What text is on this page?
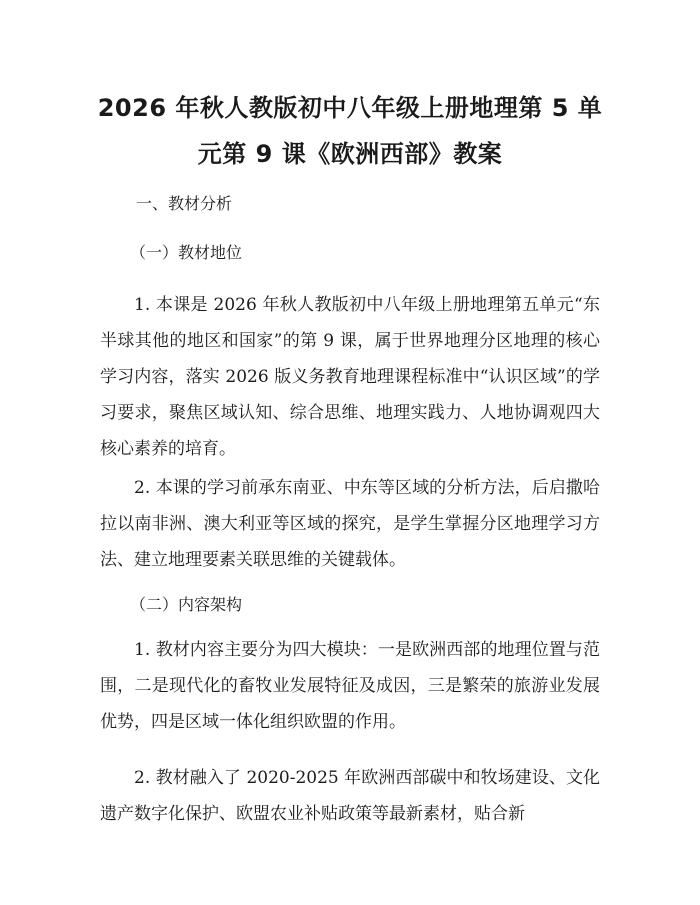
2026 年秋人教版初中八年级上册地理第 5 单
元第 9 课《欧洲西部》教案
一、教材分析
（一）教材地位

1. 本课是 2026 年秋人教版初中八年级上册地理第五单元“东半球其他的地区和国家”的第 9 课，属于世界地理分区地理的核心学习内容，落实 2026 版义务教育地理课程标准中“认识区域”的学习要求，聚焦区域认知、综合思维、地理实践力、人地协调观四大核心素养的培育。

2. 本课的学习前承东南亚、中东等区域的分析方法，后启撒哈拉以南非洲、澳大利亚等区域的探究，是学生掌握分区地理学习方法、建立地理要素关联思维的关键载体。

（二）内容架构

1. 教材内容主要分为四大模块：一是欧洲西部的地理位置与范围，二是现代化的畜牧业发展特征及成因，三是繁荣的旅游业发展优势，四是区域一体化组织欧盟的作用。

2. 教材融入了 2020-2025 年欧洲西部碳中和牧场建设、文化遗产数字化保护、欧盟农业补贴政策等最新素材，贴合新
